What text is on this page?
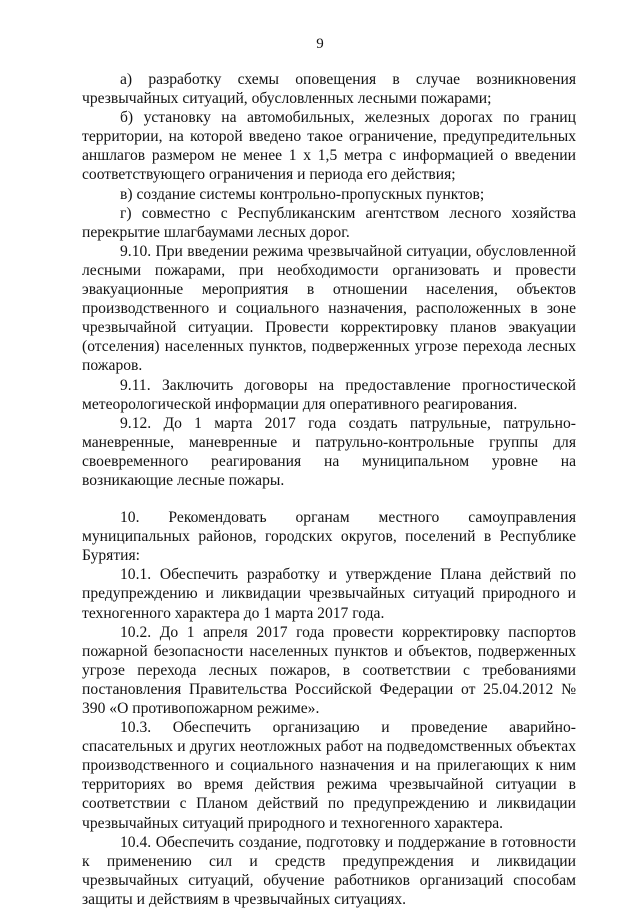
9

а) разработку схемы оповещения в случае возникновения чрезвычайных ситуаций, обусловленных лесными пожарами;

б) установку на автомобильных, железных дорогах по границ территории, на которой введено такое ограничение, предупредительных аншлагов размером не менее 1 х 1,5 метра с информацией о введении соответствующего ограничения и периода его действия;

в) создание системы контрольно-пропускных пунктов;

г) совместно с Республиканским агентством лесного хозяйства перекрытие шлагбаумами лесных дорог.

9.10. При введении режима чрезвычайной ситуации, обусловленной лесными пожарами, при необходимости организовать и провести эвакуационные мероприятия в отношении населения, объектов производственного и социального назначения, расположенных в зоне чрезвычайной ситуации. Провести корректировку планов эвакуации (отселения) населенных пунктов, подверженных угрозе перехода лесных пожаров.

9.11. Заключить договоры на предоставление прогностической метеорологической информации для оперативного реагирования.

9.12. До 1 марта 2017 года создать патрульные, патрульно-маневренные, маневренные и патрульно-контрольные группы для своевременного реагирования на муниципальном уровне на возникающие лесные пожары.

10. Рекомендовать органам местного самоуправления муниципальных районов, городских округов, поселений в Республике Бурятия:

10.1. Обеспечить разработку и утверждение Плана действий по предупреждению и ликвидации чрезвычайных ситуаций природного и техногенного характера до 1 марта 2017 года.

10.2. До 1 апреля 2017 года провести корректировку паспортов пожарной безопасности населенных пунктов и объектов, подверженных угрозе перехода лесных пожаров, в соответствии с требованиями постановления Правительства Российской Федерации от 25.04.2012 № 390 «О противопожарном режиме».

10.3. Обеспечить организацию и проведение аварийно-спасательных и других неотложных работ на подведомственных объектах производственного и социального назначения и на прилегающих к ним территориях во время действия режима чрезвычайной ситуации в соответствии с Планом действий по предупреждению и ликвидации чрезвычайных ситуаций природного и техногенного характера.

10.4. Обеспечить создание, подготовку и поддержание в готовности к применению сил и средств предупреждения и ликвидации чрезвычайных ситуаций, обучение работников организаций способам защиты и действиям в чрезвычайных ситуациях.
